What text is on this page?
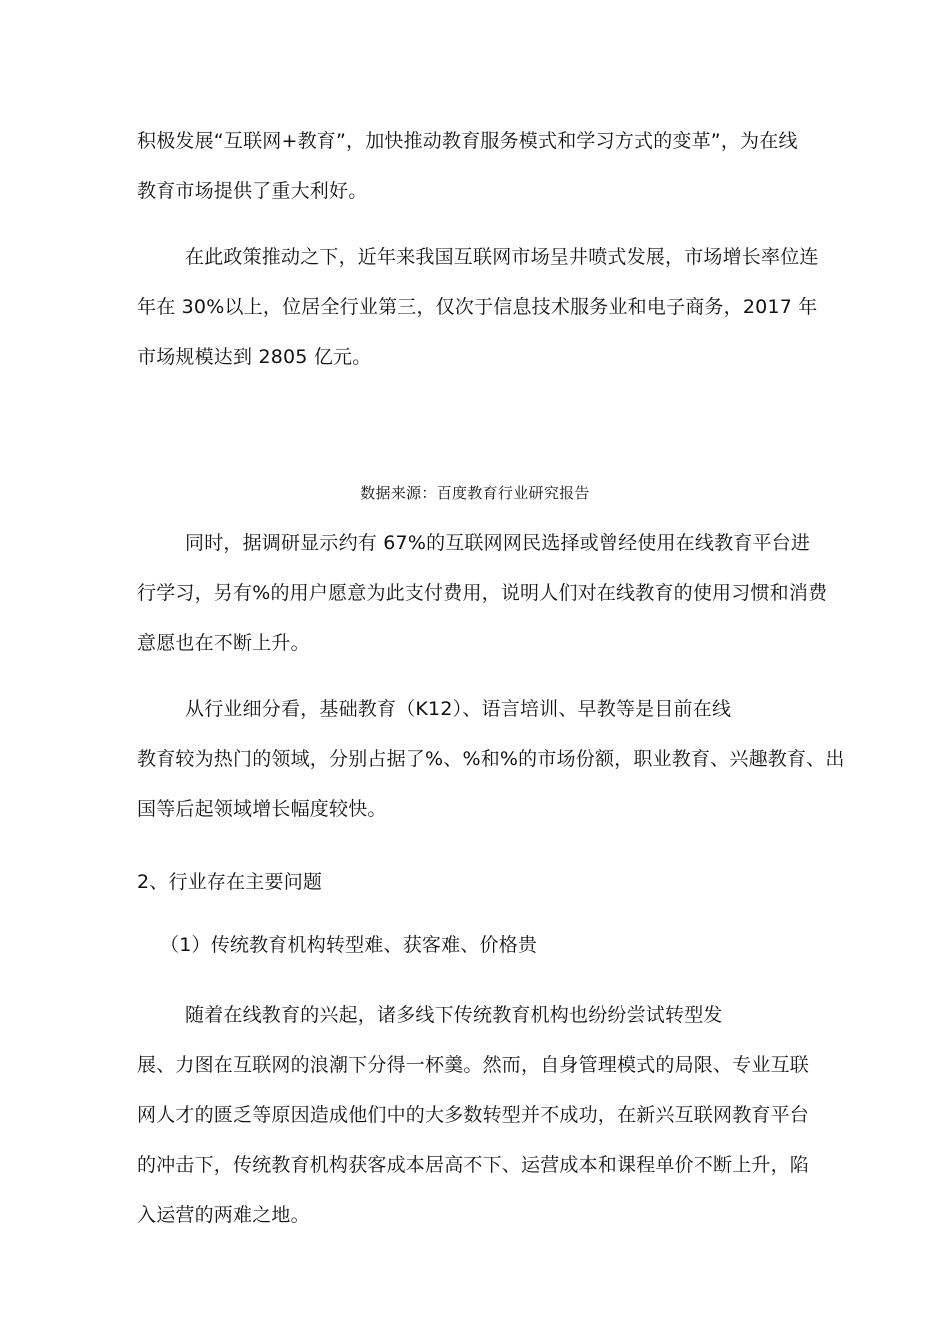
积极发展“互联网+教育”，加快推动教育服务模式和学习方式的变革”，为在线
教育市场提供了重大利好。
在此政策推动之下，近年来我国互联网市场呈井喷式发展，市场增长率位连
年在 30%以上，位居全行业第三，仅次于信息技术服务业和电子商务，2017 年
市场规模达到 2805 亿元。
数据来源：百度教育行业研究报告
同时，据调研显示约有 67%的互联网网民选择或曾经使用在线教育平台进
行学习，另有%的用户愿意为此支付费用，说明人们对在线教育的使用习惯和消费
意愿也在不断上升。
从行业细分看，基础教育（K12）、语言培训、早教等是目前在线
教育较为热门的领域，分别占据了%、%和%的市场份额，职业教育、兴趣教育、出
国等后起领域增长幅度较快。
2、行业存在主要问题
（1）传统教育机构转型难、获客难、价格贵
随着在线教育的兴起，诸多线下传统教育机构也纷纷尝试转型发
展、力图在互联网的浪潮下分得一杯羹。然而，自身管理模式的局限、专业互联
网人才的匮乏等原因造成他们中的大多数转型并不成功，在新兴互联网教育平台
的冲击下，传统教育机构获客成本居高不下、运营成本和课程单价不断上升，陷
入运营的两难之地。
